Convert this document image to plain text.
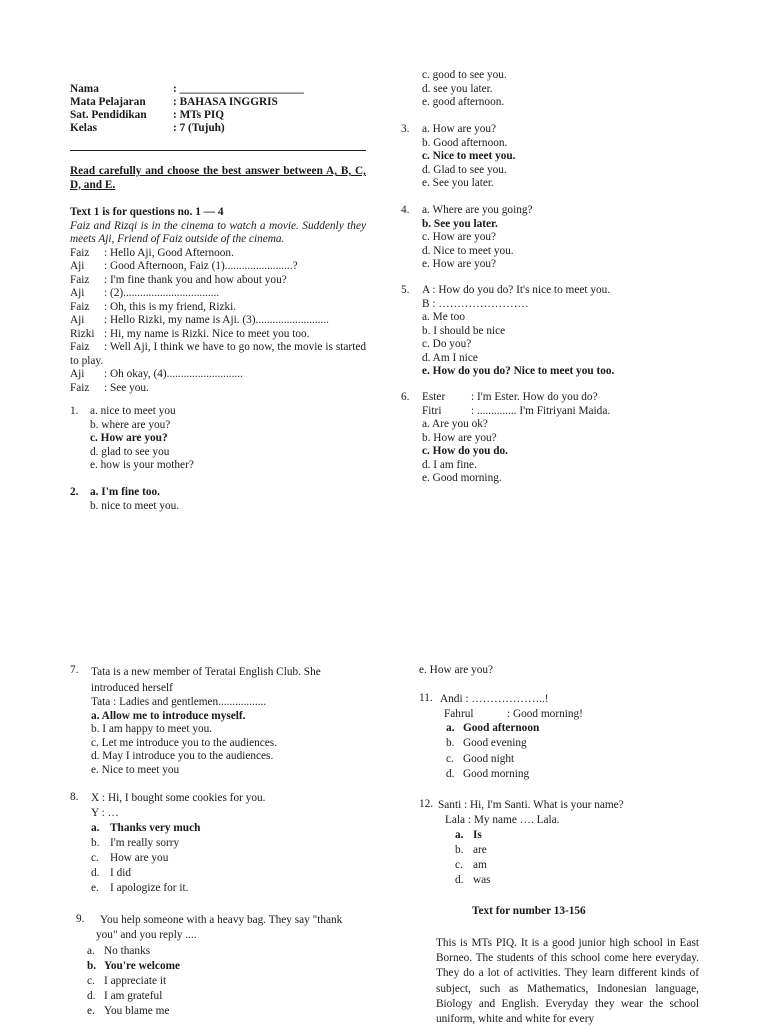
Nama	: ______________________
Mata Pelajaran : BAHASA INGGRIS
Sat. Pendidikan : MTs PIQ
Kelas	: 7 (Tujuh)
Read carefully and choose the best answer between A, B, C, D, and E.
Text 1 is for questions no. 1 — 4
Faiz and Rizqi is in the cinema to watch a movie. Suddenly they meets Aji, Friend of Faiz outside of the cinema.
Faiz : Hello Aji, Good Afternoon.
Aji : Good Afternoon, Faiz (1)........................?
Faiz : I'm fine thank you and how about you?
Aji : (2)..................................
Faiz : Oh, this is my friend, Rizki.
Aji : Hello Rizki, my name is Aji. (3)..........................
Rizki : Hi, my name is Rizki. Nice to meet you too.
Faiz : Well Aji, I think we have to go now, the movie is started to play.
Aji : Oh okay, (4)...........................
Faiz : See you.
1. a. nice to meet you
b. where are you?
c. How are you?
d. glad to see you
e. how is your mother?
2. a. I'm fine too.
b. nice to meet you.
c. good to see you.
d. see you later.
e. good afternoon.
3. a. How are you?
b. Good afternoon.
c. Nice to meet you.
d. Glad to see you.
e. See you later.
4. a. Where are you going?
b. See you later.
c. How are you?
d. Nice to meet you.
e. How are you?
5. A : How do you do? It's nice to meet you.
B : ……………………
a. Me too
b. I should be nice
c. Do you?
d. Am I nice
e. How do you do? Nice to meet you too.
6. Ester : I'm Ester. How do you do?
Fitri	: .............. I'm Fitriyani Maida.
a. Are you ok?
b. How are you?
c. How do you do.
d. I am fine.
e. Good morning.
7. Tata is a new member of Teratai English Club. She
introduced herself
Tata : Ladies and gentlemen.................
a. Allow me to introduce myself.
b. I am happy to meet you.
c. Let me introduce you to the audiences.
d. May I introduce you to the audiences.
e. Nice to meet you
8. X : Hi, I bought some cookies for you.
Y : …
a. Thanks very much
b. I'm really sorry
c. How are you
d. I did
e. I apologize for it.
9. You help someone with a heavy bag. They say "thank
you" and you reply ....
a. No thanks
b. You're welcome
c. I appreciate it
d. I am grateful
e. You blame me
e. How are you?
11. Andi : ………………..!
Fahrul	: Good morning!
a. Good afternoon
b. Good evening
c. Good night
d. Good morning
12. Santi : Hi, I'm Santi. What is your name?
Lala : My name …. Lala.
a. Is
b. are
c. am
d. was
Text for number 13-156
This is MTs PIQ. It is a good junior high school in East Borneo. The students of this school come here everyday. They do a lot of activities. They learn different kinds of subject, such as Mathematics, Indonesian language, Biology and English. Everyday they wear the school uniform, white and white for every
